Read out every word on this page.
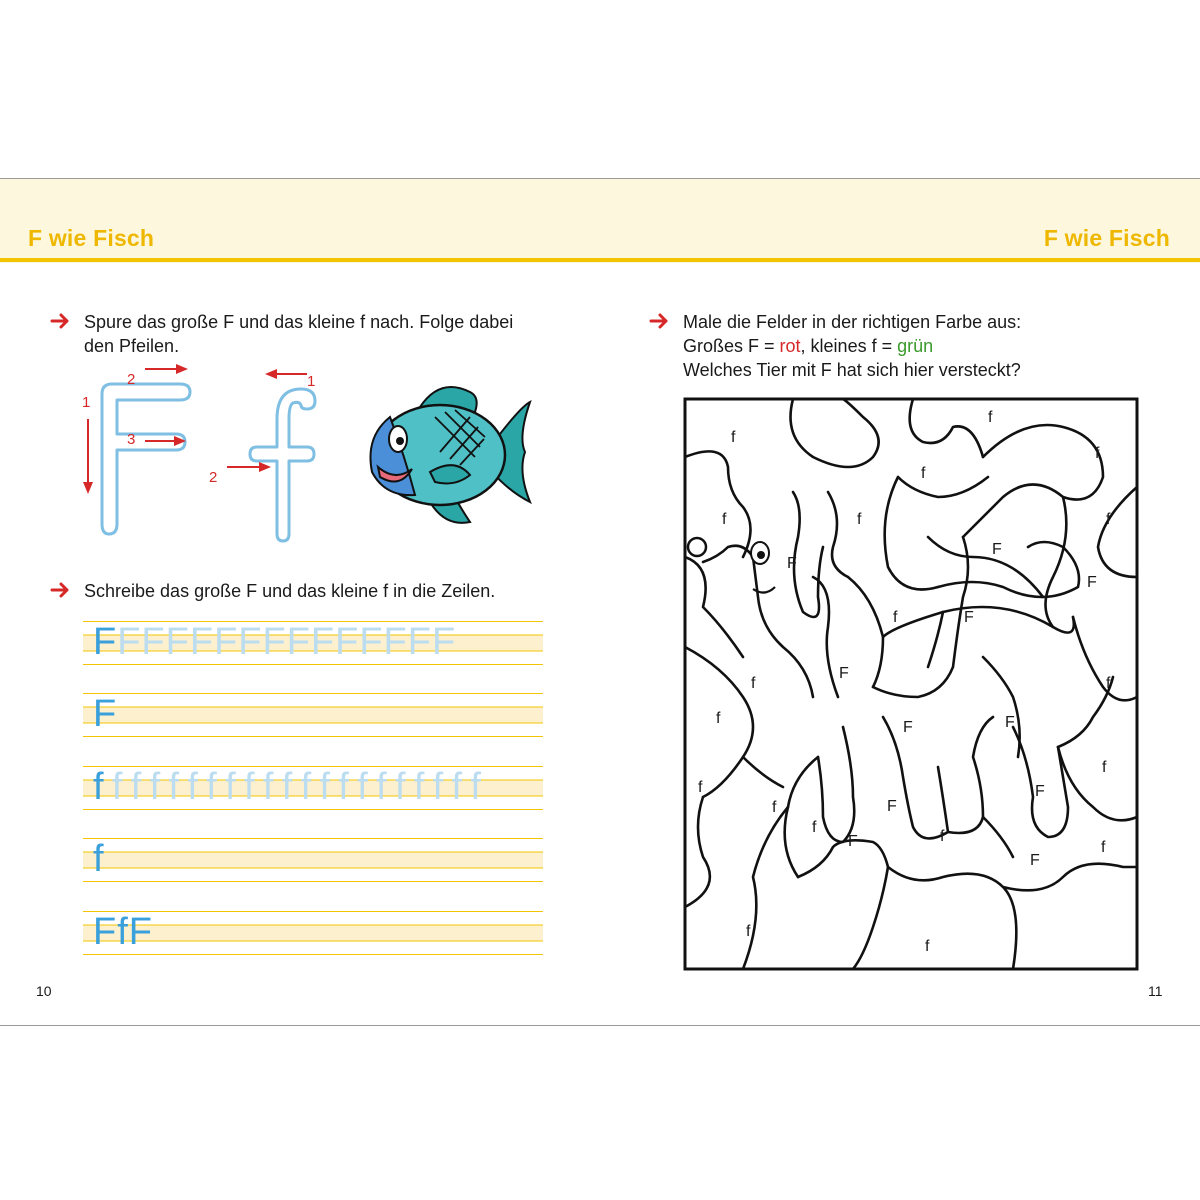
F wie Fisch	F wie Fisch
Spure das große F und das kleine f nach. Folge dabei
den Pfeilen.
1
2
3
1
2
Schreibe das große F und das kleine f in die Zeilen.
FFFFFFFFFFFFFFF
F
fffffffffffffffffffff
f
FfF
10
Male die Felder in der richtigen Farbe aus:
Großes F = rot, kleines f = grün
Welches Tier mit F hat sich hier versteckt?
f
f
f
f
f	f
F
f
F
f	F
F
F
f	f
f
f
F	F
F
f
f	F
f
F	f
f
F
f
f
11
